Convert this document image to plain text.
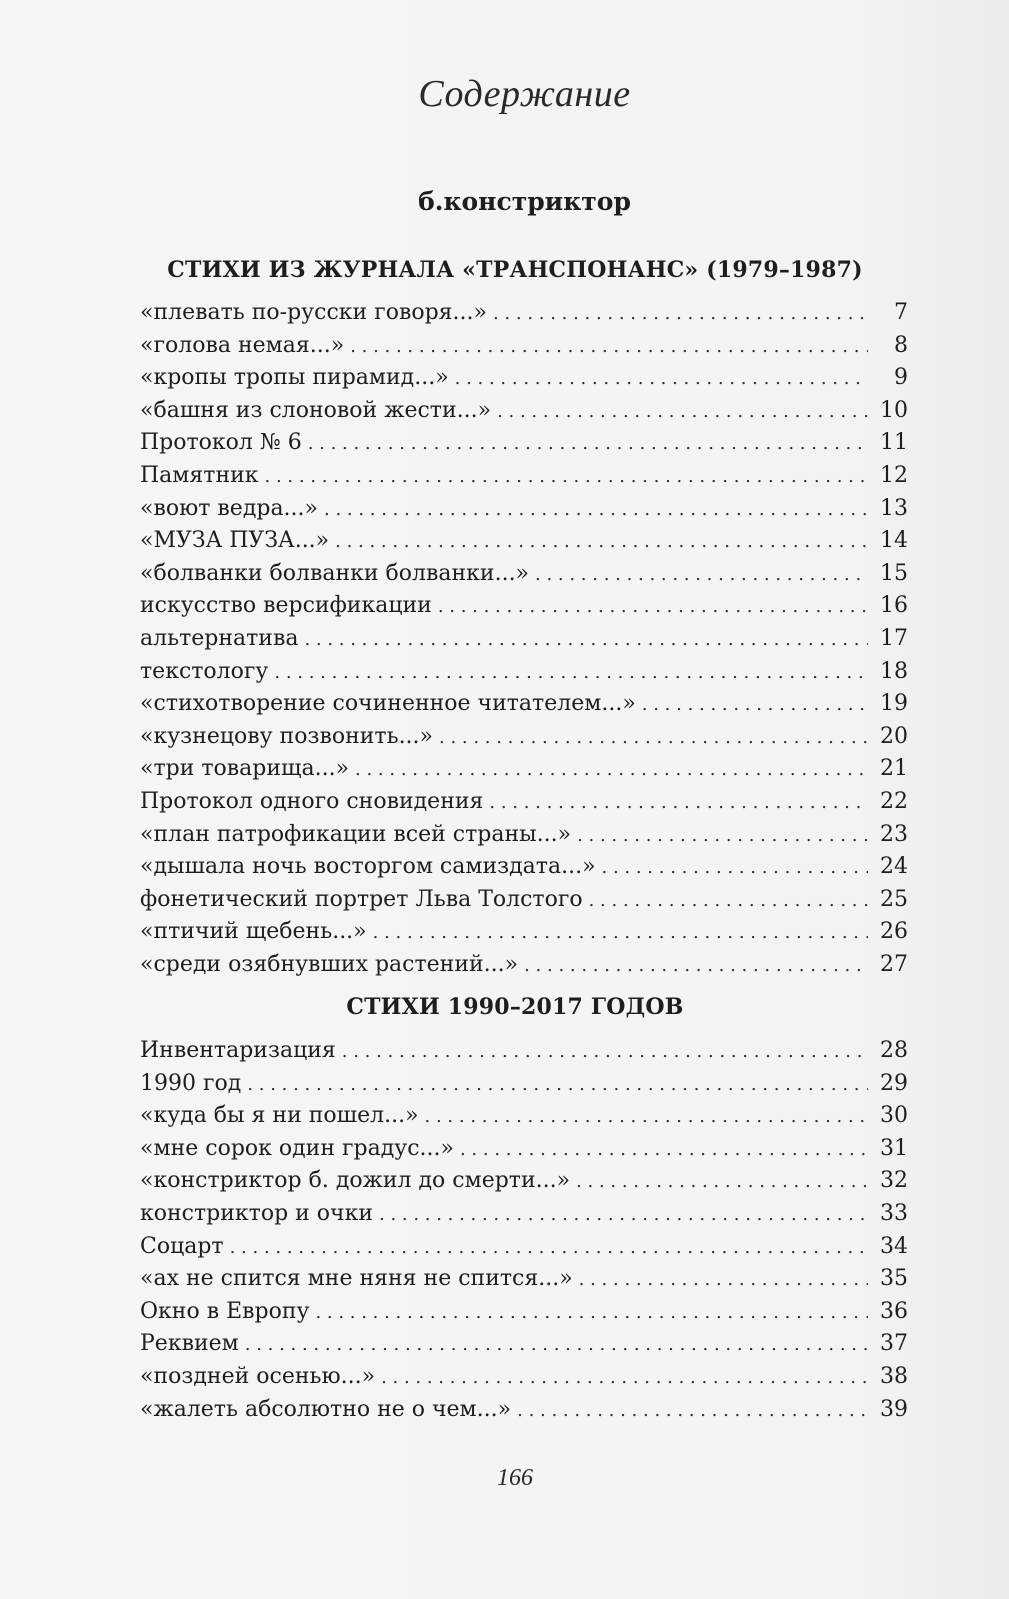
Содержание
б.констриктор
СТИХИ ИЗ ЖУРНАЛА «ТРАНСПОНАНС» (1979–1987)
«плевать по-русски говоря...» . . .	7
«голова немая...» . . .	8
«кропы тропы пирамид...» . . .	9
«башня из слоновой жести...» . . .	10
Протокол № 6 . . .	11
Памятник . . .	12
«воют ведра...» . . .	13
«МУЗА ПУЗА...» . . .	14
«болванки болванки болванки...» . . .	15
искусство версификации . . .	16
альтернатива . . .	17
текстологу . . .	18
«стихотворение сочиненное читателем...» . . .	19
«кузнецову позвонить...» . . .	20
«три товарища...» . . .	21
Протокол одного сновидения . . .	22
«план патрофикации всей страны...» . . .	23
«дышала ночь восторгом самиздата...» . . .	24
фонетический портрет Льва Толстого . . .	25
«птичий щебень...» . . .	26
«среди озябнувших растений...» . . .	27
СТИХИ 1990–2017 ГОДОВ
Инвентаризация . . .	28
1990 год . . .	29
«куда бы я ни пошел...» . . .	30
«мне сорок один градус...» . . .	31
«констриктор б. дожил до смерти...» . . .	32
констриктор и очки . . .	33
Соцарт . . .	34
«ах не спится мне няня не спится...» . . .	35
Окно в Европу . . .	36
Реквием . . .	37
«поздней осенью...» . . .	38
«жалеть абсолютно не о чем...» . . .	39
166
